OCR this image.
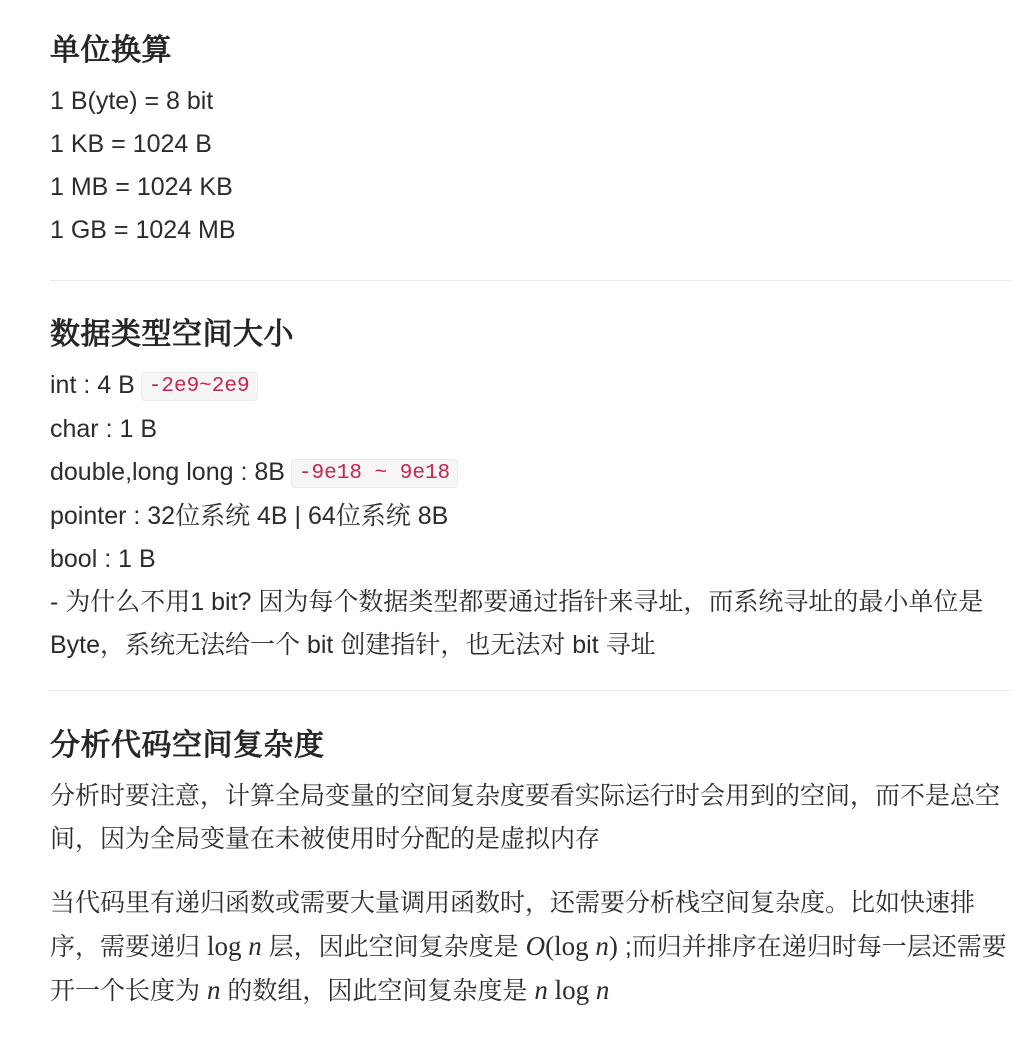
单位换算

1 B(yte) = 8 bit

1 KB = 1024 B

1 MB = 1024 KB

1 GB = 1024 MB

数据类型空间大小

int : 4 B -2e9~2e9

char : 1 B

double,long long : 8B -9e18 ~ 9e18

pointer : 32位系统 4B | 64位系统 8B

bool : 1 B

- 为什么不用1 bit? 因为每个数据类型都要通过指针来寻址，而系统寻址的最小单位是Byte，系统无法给一个 bit 创建指针，也无法对 bit 寻址

分析代码空间复杂度

分析时要注意，计算全局变量的空间复杂度要看实际运行时会用到的空间，而不是总空间，因为全局变量在未被使用时分配的是虚拟内存

当代码里有递归函数或需要大量调用函数时，还需要分析栈空间复杂度。比如快速排序，需要递归 log n 层，因此空间复杂度是 O(log n) ;而归并排序在递归时每一层还需要开一个长度为 n 的数组，因此空间复杂度是 n log n
